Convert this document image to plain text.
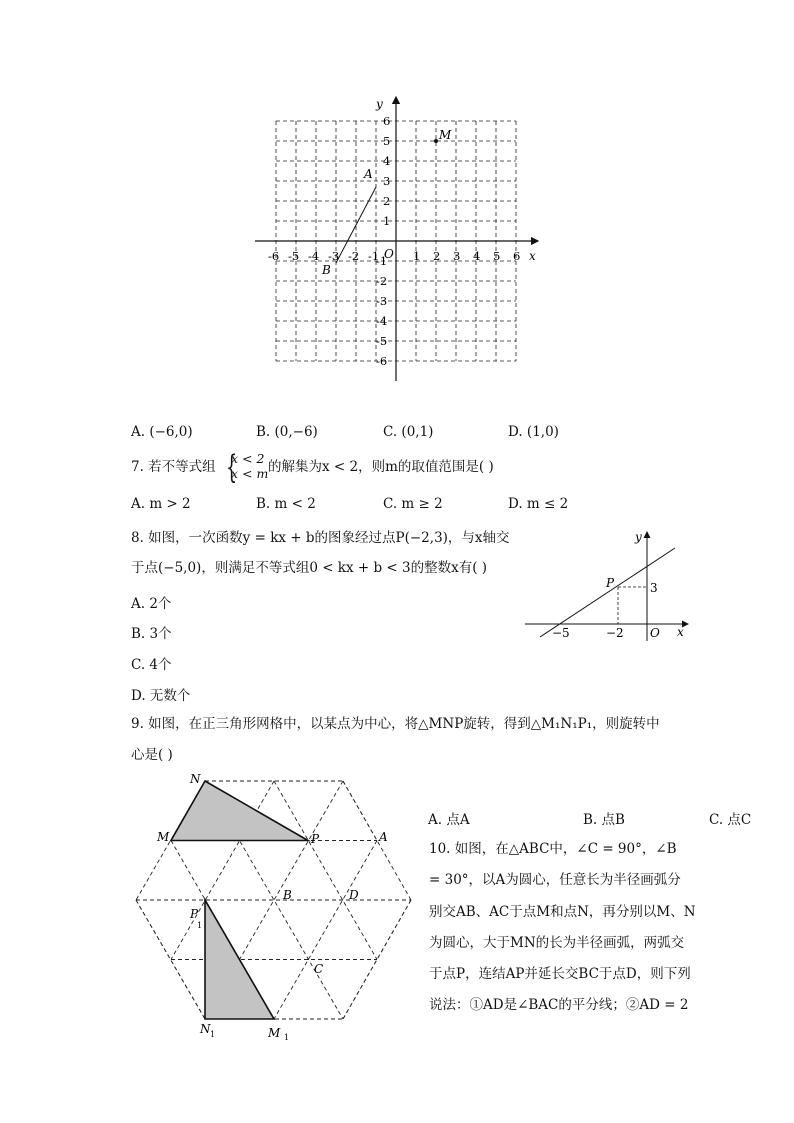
-6 -5 -4 -3 -2 -1	1 2 3 4 5 6
6
5
4
3
2
1
-1
-2
-3
-4
-5
-6
y
x
O
A
B
M
A. (−6,0)	B. (0,−6)	C. (0,1)	D. (1,0)
7. 若不等式组 {
x < 2
x < m 的解集为x < 2，则m的取值范围是( )
A. m > 2	B. m < 2	C. m ≥ 2	D. m ≤ 2
8. 如图，一次函数y = kx + b的图象经过点P(−2,3)，与x轴交
于点(−5,0)，则满足不等式组0 < kx + b < 3的整数x有( )
A. 2个
B. 3个
C. 4个
D. 无数个
y
x
P	3
−5	−2 O
9. 如图，在正三角形网格中，以某点为中心，将△MNP旋转，得到△M₁N₁P₁，则旋转中
心是( )
N
M	P	A
B	D
C
P
1
N 1	M 1
A. 点A	B. 点B	C. 点C
10. 如图，在△ABC中，∠C = 90°，∠B
= 30°，以A为圆心，任意长为半径画弧分
别交AB、AC于点M和点N，再分别以M、N
为圆心，大于MN的长为半径画弧，两弧交
于点P，连结AP并延长交BC于点D，则下列
说法：①AD是∠BAC的平分线；②AD = 2
